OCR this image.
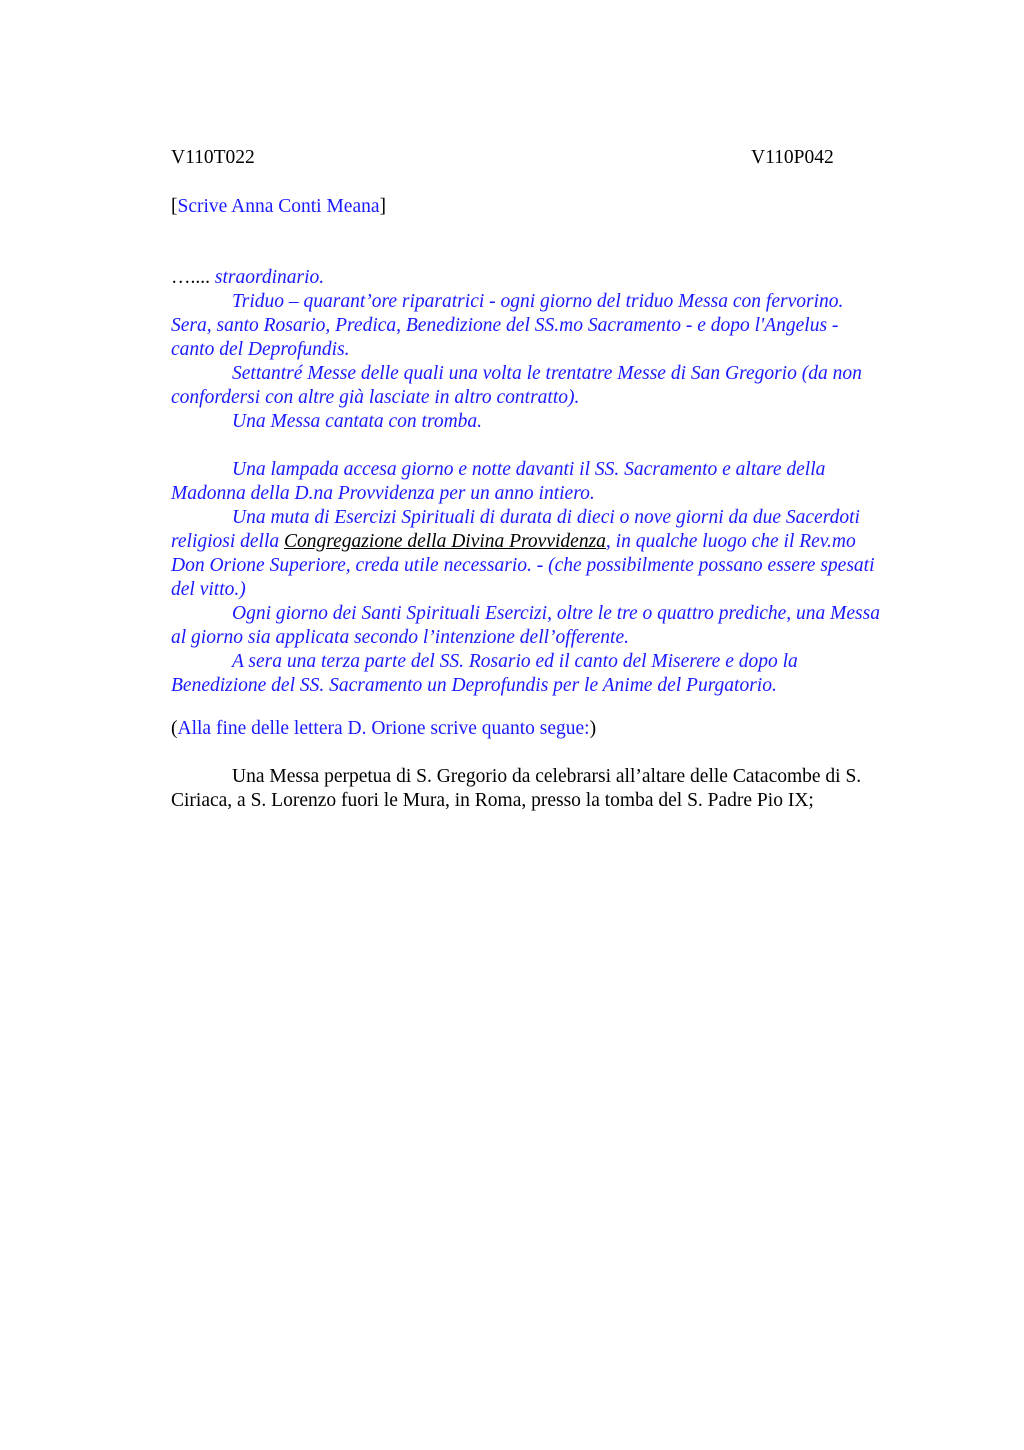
V110T022	V110P042
[Scrive Anna Conti Meana]
….... straordinario.
Triduo – quarant’ore riparatrici - ogni giorno del triduo Messa con fervorino.
Sera, santo Rosario, Predica, Benedizione del SS.mo Sacramento - e dopo l'Angelus -
canto del Deprofundis.
Settantré Messe delle quali una volta le trentatre Messe di San Gregorio (da non
confordersi con altre già lasciate in altro contratto).
Una Messa cantata con tromba.
Una lampada accesa giorno e notte davanti il SS. Sacramento e altare della
Madonna della D.na Provvidenza per un anno intiero.
Una muta di Esercizi Spirituali di durata di dieci o nove giorni da due Sacerdoti
religiosi della Congregazione della Divina Provvidenza, in qualche luogo che il Rev.mo
Don Orione Superiore, creda utile necessario. - (che possibilmente possano essere spesati
del vitto.)
Ogni giorno dei Santi Spirituali Esercizi, oltre le tre o quattro prediche, una Messa
al giorno sia applicata secondo l’intenzione dell’offerente.
A sera una terza parte del SS. Rosario ed il canto del Miserere e dopo la
Benedizione del SS. Sacramento un Deprofundis per le Anime del Purgatorio.
(Alla fine delle lettera D. Orione scrive quanto segue:)
Una Messa perpetua di S. Gregorio da celebrarsi all’altare delle Catacombe di S.
Ciriaca, a S. Lorenzo fuori le Mura, in Roma, presso la tomba del S. Padre Pio IX;
